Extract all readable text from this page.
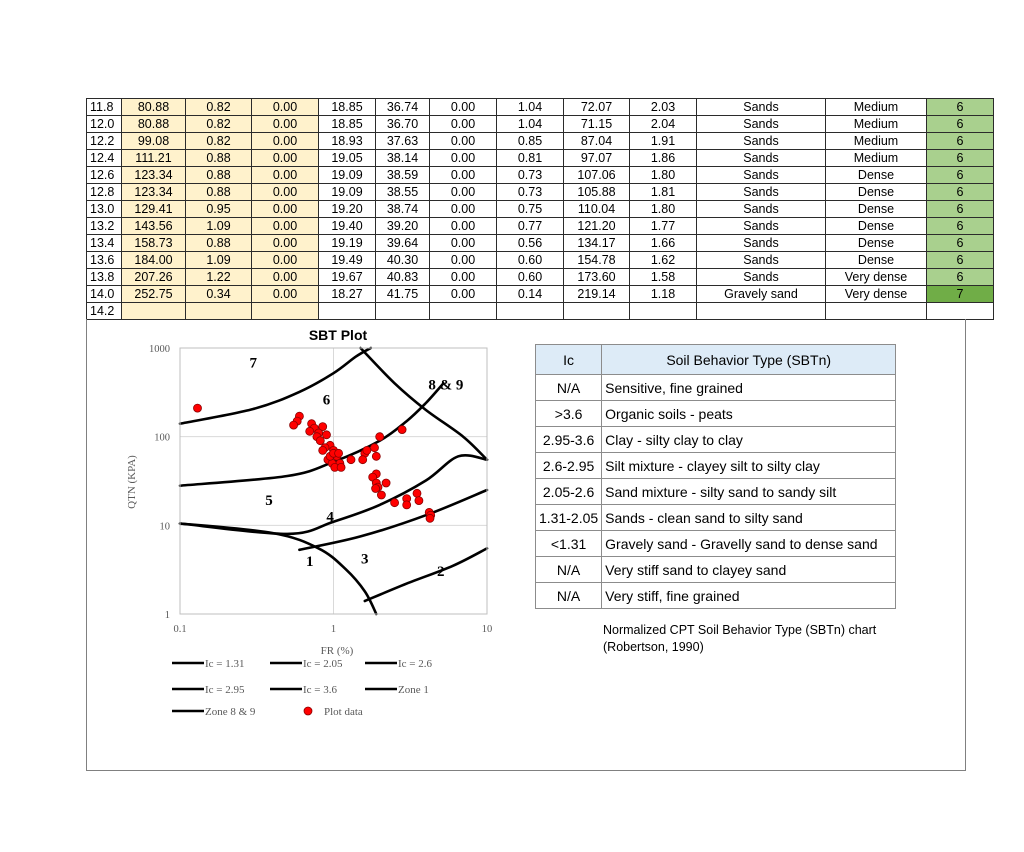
11.8	80.88	0.82	0.00	18.85	36.74	0.00	1.04	72.07	2.03	Sands	Medium	6
12.0	80.88	0.82	0.00	18.85	36.70	0.00	1.04	71.15	2.04	Sands	Medium	6
12.2	99.08	0.82	0.00	18.93	37.63	0.00	0.85	87.04	1.91	Sands	Medium	6
12.4	111.21	0.88	0.00	19.05	38.14	0.00	0.81	97.07	1.86	Sands	Medium	6
12.6	123.34	0.88	0.00	19.09	38.59	0.00	0.73	107.06	1.80	Sands	Dense	6
12.8	123.34	0.88	0.00	19.09	38.55	0.00	0.73	105.88	1.81	Sands	Dense	6
13.0	129.41	0.95	0.00	19.20	38.74	0.00	0.75	110.04	1.80	Sands	Dense	6
13.2	143.56	1.09	0.00	19.40	39.20	0.00	0.77	121.20	1.77	Sands	Dense	6
13.4	158.73	0.88	0.00	19.19	39.64	0.00	0.56	134.17	1.66	Sands	Dense	6
13.6	184.00	1.09	0.00	19.49	40.30	0.00	0.60	154.78	1.62	Sands	Dense	6
13.8	207.26	1.22	0.00	19.67	40.83	0.00	0.60	173.60	1.58	Sands	Very dense	6
14.0	252.75	0.34	0.00	18.27	41.75	0.00	0.14	219.14	1.18	Gravely sand	Very dense	7
14.2												
SBT Plot
1
2
3
4
5
6
7
8 & 9
1
10
100
1000
0.1	1	10
FR (%)
QTN (KPA)
Ic = 1.31	Ic = 2.05	Ic = 2.6
Ic = 2.95	Ic = 3.6	Zone 1
Zone 8 & 9	Plot data
Ic	Soil Behavior Type (SBTn)
N/A	Sensitive, fine grained
>3.6	Organic soils - peats
2.95-3.6	Clay - silty clay to clay
2.6-2.95	Silt mixture - clayey silt to silty clay
2.05-2.6	Sand mixture - silty sand to sandy silt
1.31-2.05	Sands - clean sand to silty sand
<1.31	Gravely sand - Gravelly sand to dense sand
N/A	Very stiff sand to clayey sand
N/A	Very stiff, fine grained
Normalized CPT Soil Behavior Type (SBTn) chart
(Robertson, 1990)
